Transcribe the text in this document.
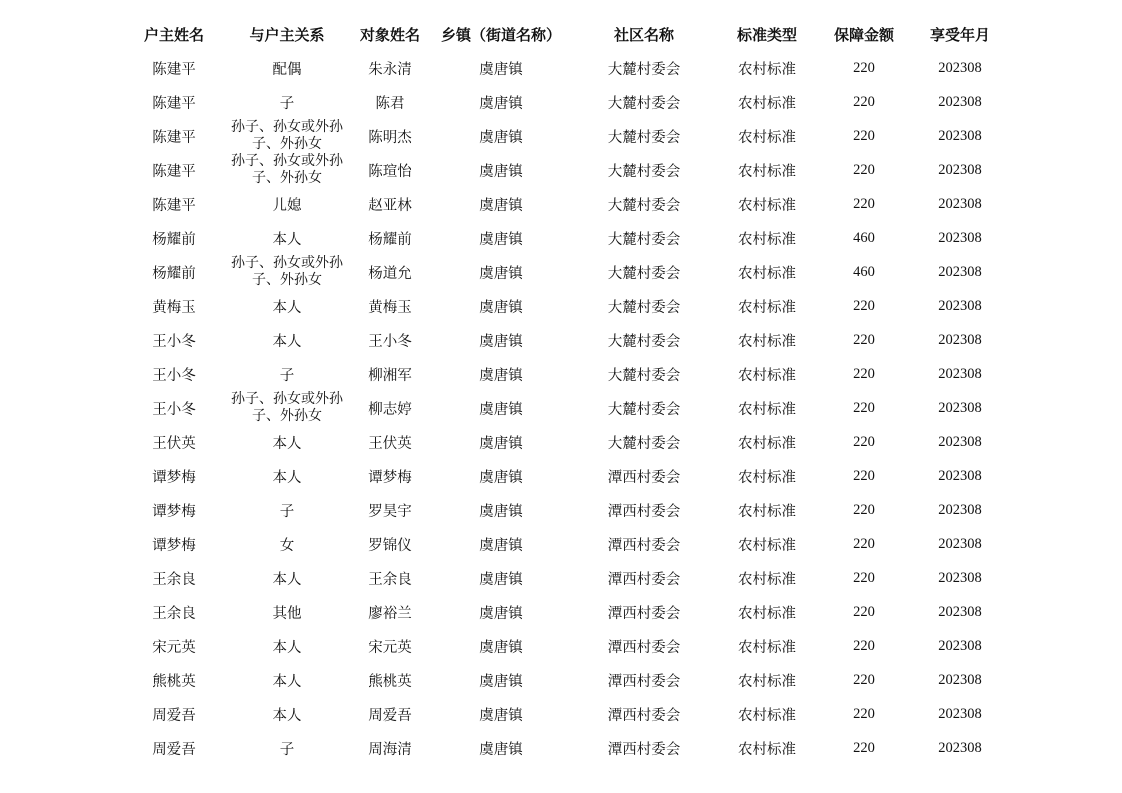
户主姓名	与户主关系	对象姓名	乡镇（街道名称）	社区名称	标准类型	保障金额	享受年月
陈建平	配偶	朱永清	虞唐镇	大麓村委会	农村标准	220	202308
陈建平	子	陈君	虞唐镇	大麓村委会	农村标准	220	202308
陈建平	孙子、孙女或外孙子、外孙女	陈明杰	虞唐镇	大麓村委会	农村标准	220	202308
陈建平	孙子、孙女或外孙子、外孙女	陈瑄怡	虞唐镇	大麓村委会	农村标准	220	202308
陈建平	儿媳	赵亚林	虞唐镇	大麓村委会	农村标准	220	202308
杨耀前	本人	杨耀前	虞唐镇	大麓村委会	农村标准	460	202308
杨耀前	孙子、孙女或外孙子、外孙女	杨道允	虞唐镇	大麓村委会	农村标准	460	202308
黄梅玉	本人	黄梅玉	虞唐镇	大麓村委会	农村标准	220	202308
王小冬	本人	王小冬	虞唐镇	大麓村委会	农村标准	220	202308
王小冬	子	柳湘军	虞唐镇	大麓村委会	农村标准	220	202308
王小冬	孙子、孙女或外孙子、外孙女	柳志婷	虞唐镇	大麓村委会	农村标准	220	202308
王伏英	本人	王伏英	虞唐镇	大麓村委会	农村标准	220	202308
谭梦梅	本人	谭梦梅	虞唐镇	潭西村委会	农村标准	220	202308
谭梦梅	子	罗昊宇	虞唐镇	潭西村委会	农村标准	220	202308
谭梦梅	女	罗锦仪	虞唐镇	潭西村委会	农村标准	220	202308
王余良	本人	王余良	虞唐镇	潭西村委会	农村标准	220	202308
王余良	其他	廖裕兰	虞唐镇	潭西村委会	农村标准	220	202308
宋元英	本人	宋元英	虞唐镇	潭西村委会	农村标准	220	202308
熊桃英	本人	熊桃英	虞唐镇	潭西村委会	农村标准	220	202308
周爱吾	本人	周爱吾	虞唐镇	潭西村委会	农村标准	220	202308
周爱吾	子	周海清	虞唐镇	潭西村委会	农村标准	220	202308
